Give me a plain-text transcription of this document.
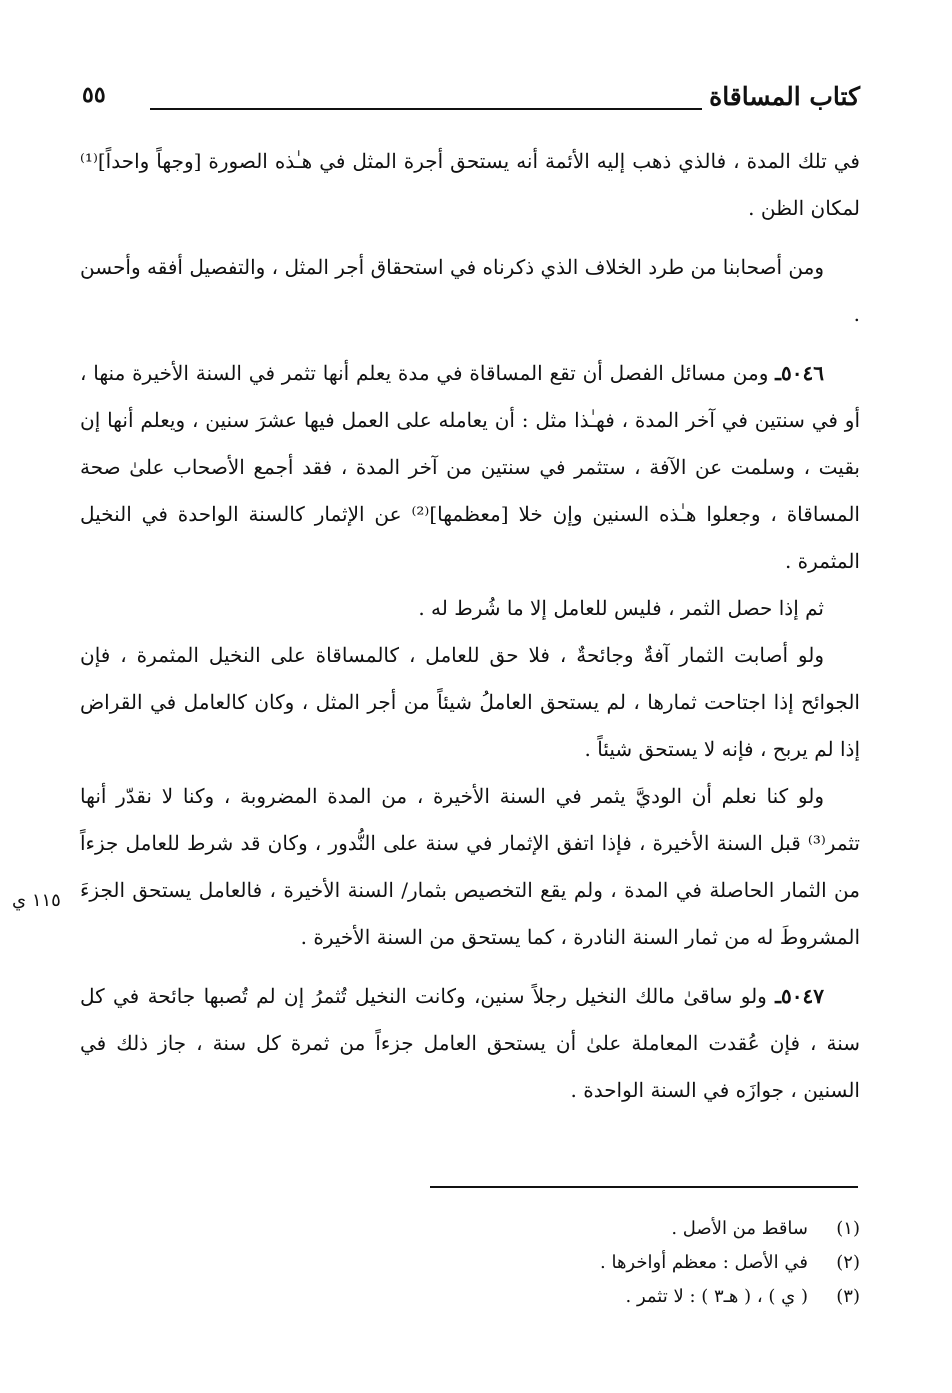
كتاب المساقاة
٥٥

في تلك المدة ، فالذي ذهب إليه الأئمة أنه يستحق أجرة المثل في هـٰذه الصورة [وجهاً واحداً]⁽¹⁾ لمكان الظن .

ومن أصحابنا من طرد الخلاف الذي ذكرناه في استحقاق أجر المثل ، والتفصيل أفقه وأحسن .

٥٠٤٦ـ ومن مسائل الفصل أن تقع المساقاة في مدة يعلم أنها تثمر في السنة الأخيرة منها ، أو في سنتين في آخر المدة ، فهـٰذا مثل : أن يعامله على العمل فيها عشرَ سنين ، ويعلم أنها إن بقيت ، وسلمت عن الآفة ، ستثمر في سنتين من آخر المدة ، فقد أجمع الأصحاب علىٰ صحة المساقاة ، وجعلوا هـٰذه السنين وإن خلا [معظمها]⁽²⁾ عن الإثمار كالسنة الواحدة في النخيل المثمرة .

ثم إذا حصل الثمر ، فليس للعامل إلا ما شُرط له .

ولو أصابت الثمار آفةٌ وجائحةٌ ، فلا حق للعامل ، كالمساقاة على النخيل المثمرة ، فإن الجوائح إذا اجتاحت ثمارها ، لم يستحق العاملُ شيئاً من أجر المثل ، وكان كالعامل في القراض إذا لم يربح ، فإنه لا يستحق شيئاً .

ولو كنا نعلم أن الوديَّ يثمر في السنة الأخيرة ، من المدة المضروبة ، وكنا لا نقدّر أنها تثمر⁽³⁾ قبل السنة الأخيرة ، فإذا اتفق الإثمار في سنة على النُّدور ، وكان قد شرط للعامل جزءاً من الثمار الحاصلة في المدة ، ولم يقع التخصيص بثمار/ السنة الأخيرة ، فالعامل يستحق الجزءَ المشروطَ له من ثمار السنة النادرة ، كما يستحق من السنة الأخيرة .

٥٠٤٧ـ ولو ساقىٰ مالك النخيل رجلاً سنين، وكانت النخيل تُثمرُ إن لم تُصبها جائحة في كل سنة ، فإن عُقدت المعاملة علىٰ أن يستحق العامل جزءاً من ثمرة كل سنة ، جاز ذلك في السنين ، جوازَه في السنة الواحدة .

١١٥ ي
(١)
ساقط من الأصل .
(٢)
في الأصل : معظم أواخرها .
(٣)
( ي ) ، ( هـ٣ ) : لا تثمر .
